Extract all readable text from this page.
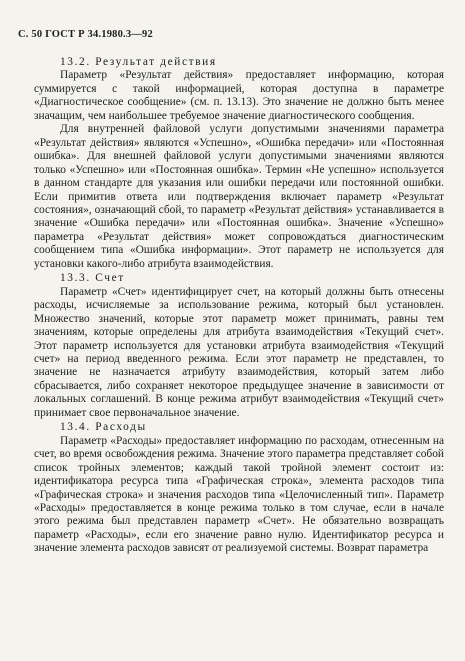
С. 50 ГОСТ Р 34.1980.3—92

13.2. Результат действия

Параметр «Результат действия» предоставляет информацию, которая суммируется с такой информацией, которая доступна в параметре «Диагностическое сообщение» (см. п. 13.13). Это значение не должно быть менее значащим, чем наибольшее требуемое значение диагностического сообщения.

Для внутренней файловой услуги допустимыми значениями параметра «Результат действия» являются «Успешно», «Ошибка передачи» или «Постоянная ошибка». Для внешней файловой услуги допустимыми значениями являются только «Успешно» или «Постоянная ошибка». Термин «Не успешно» используется в данном стандарте для указания или ошибки передачи или постоянной ошибки. Если примитив ответа или подтверждения включает параметр «Результат состояния», означающий сбой, то параметр «Результат действия» устанавливается в значение «Ошибка передачи» или «Постоянная ошибка». Значение «Успешно» параметра «Результат действия» может сопровождаться диагностическим сообщением типа «Ошибка информации». Этот параметр не используется для установки какого-либо атрибута взаимодействия.

13.3. Счет

Параметр «Счет» идентифицирует счет, на который должны быть отнесены расходы, исчисляемые за использование режима, который был установлен. Множество значений, которые этот параметр может принимать, равны тем значениям, которые определены для атрибута взаимодействия «Текущий счет». Этот параметр используется для установки атрибута взаимодействия «Текущий счет» на период введенного режима. Если этот параметр не представлен, то значение не назначается атрибуту взаимодействия, который затем либо сбрасывается, либо сохраняет некоторое предыдущее значение в зависимости от локальных соглашений. В конце режима атрибут взаимодействия «Текущий счет» принимает свое первоначальное значение.

13.4. Расходы

Параметр «Расходы» предоставляет информацию по расходам, отнесенным на счет, во время освобождения режима. Значение этого параметра представляет собой список тройных элементов; каждый такой тройной элемент состоит из: идентификатора ресурса типа «Графическая строка», элемента расходов типа «Графическая строка» и значения расходов типа «Целочисленный тип». Параметр «Расходы» предоставляется в конце режима только в том случае, если в начале этого режима был представлен параметр «Счет». Не обязательно возвращать параметр «Расходы», если его значение равно нулю. Идентификатор ресурса и значение элемента расходов зависят от реализуемой системы. Возврат параметра
